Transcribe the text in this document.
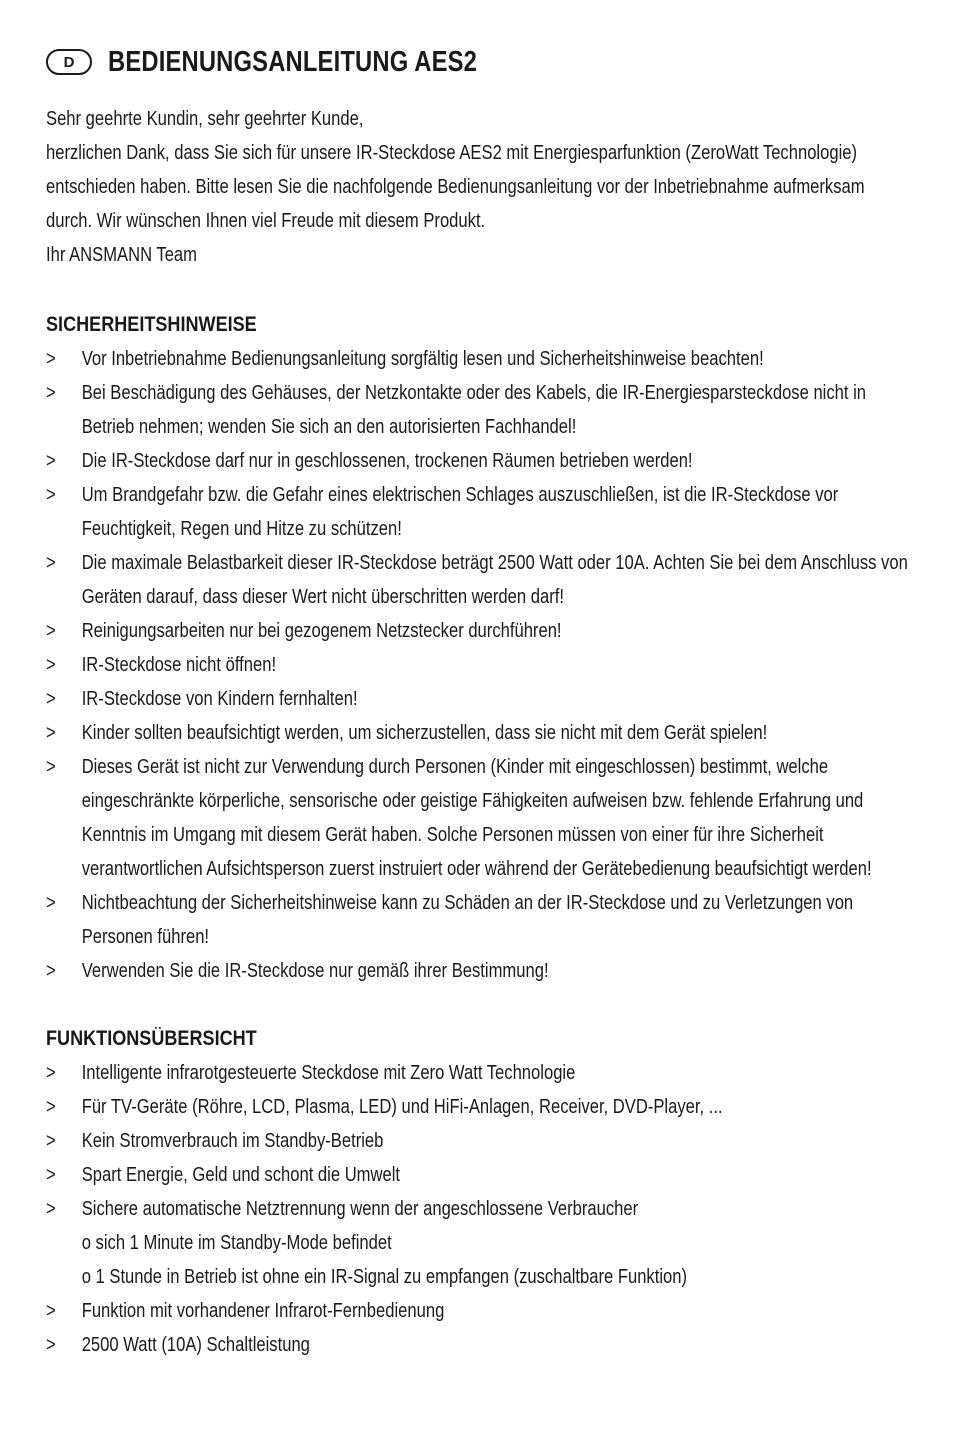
D	BEDIENUNGSANLEITUNG AES2

Sehr geehrte Kundin, sehr geehrter Kunde,

herzlichen Dank, dass Sie sich für unsere IR-Steckdose AES2 mit Energiesparfunktion (ZeroWatt Technologie) entschieden haben. Bitte lesen Sie die nachfolgende Bedienungsanleitung vor der Inbetriebnahme aufmerksam durch. Wir wünschen Ihnen viel Freude mit diesem Produkt.

Ihr ANSMANN Team

SICHERHEITSHINWEISE
> Vor Inbetriebnahme Bedienungsanleitung sorgfältig lesen und Sicherheitshinweise beachten!
> Bei Beschädigung des Gehäuses, der Netzkontakte oder des Kabels, die IR-Energiesparsteckdose nicht in Betrieb nehmen; wenden Sie sich an den autorisierten Fachhandel!
> Die IR-Steckdose darf nur in geschlossenen, trockenen Räumen betrieben werden!
> Um Brandgefahr bzw. die Gefahr eines elektrischen Schlages auszuschließen, ist die IR-Steckdose vor Feuchtigkeit, Regen und Hitze zu schützen!
> Die maximale Belastbarkeit dieser IR-Steckdose beträgt 2500 Watt oder 10A. Achten Sie bei dem Anschluss von Geräten darauf, dass dieser Wert nicht überschritten werden darf!
> Reinigungsarbeiten nur bei gezogenem Netzstecker durchführen!
> IR-Steckdose nicht öffnen!
> IR-Steckdose von Kindern fernhalten!
> Kinder sollten beaufsichtigt werden, um sicherzustellen, dass sie nicht mit dem Gerät spielen!
> Dieses Gerät ist nicht zur Verwendung durch Personen (Kinder mit eingeschlossen) bestimmt, welche eingeschränkte körperliche, sensorische oder geistige Fähigkeiten aufweisen bzw. fehlende Erfahrung und Kenntnis im Umgang mit diesem Gerät haben. Solche Personen müssen von einer für ihre Sicherheit verantwortlichen Aufsichtsperson zuerst instruiert oder während der Gerätebedienung beaufsichtigt werden!
> Nichtbeachtung der Sicherheitshinweise kann zu Schäden an der IR-Steckdose und zu Verletzungen von Personen führen!
> Verwenden Sie die IR-Steckdose nur gemäß ihrer Bestimmung!
FUNKTIONSÜBERSICHT
> Intelligente infrarotgesteuerte Steckdose mit Zero Watt Technologie
> Für TV-Geräte (Röhre, LCD, Plasma, LED) und HiFi-Anlagen, Receiver, DVD-Player, ...
> Kein Stromverbrauch im Standby-Betrieb
> Spart Energie, Geld und schont die Umwelt
> Sichere automatische Netztrennung wenn der angeschlossene Verbraucher
o sich 1 Minute im Standby-Mode befindet
o 1 Stunde in Betrieb ist ohne ein IR-Signal zu empfangen (zuschaltbare Funktion)
> Funktion mit vorhandener Infrarot-Fernbedienung
> 2500 Watt (10A) Schaltleistung
